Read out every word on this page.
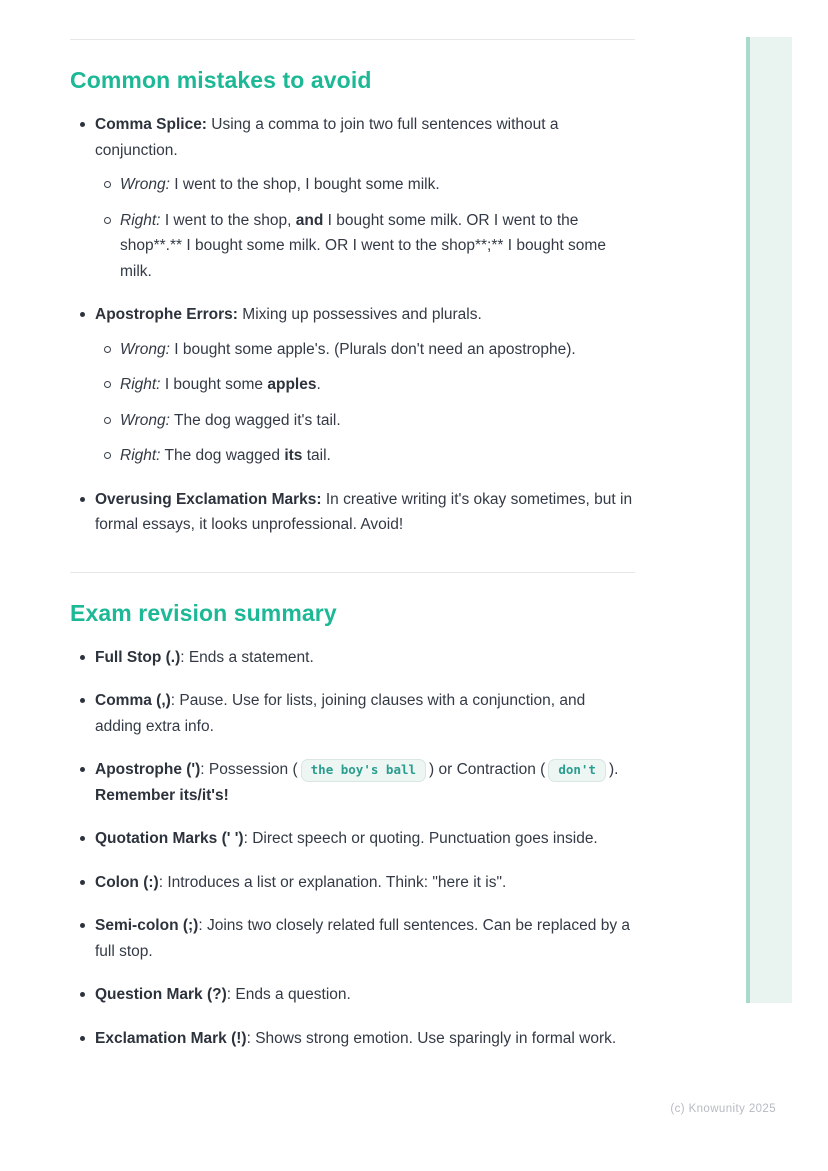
Common mistakes to avoid
Comma Splice: Using a comma to join two full sentences without a conjunction.
Wrong: I went to the shop, I bought some milk.
Right: I went to the shop, and I bought some milk. OR I went to the shop**.** I bought some milk. OR I went to the shop**;** I bought some milk.
Apostrophe Errors: Mixing up possessives and plurals.
Wrong: I bought some apple's. (Plurals don't need an apostrophe).
Right: I bought some apples.
Wrong: The dog wagged it's tail.
Right: The dog wagged its tail.
Overusing Exclamation Marks: In creative writing it's okay sometimes, but in formal essays, it looks unprofessional. Avoid!
Exam revision summary
Full Stop (.): Ends a statement.
Comma (,): Pause. Use for lists, joining clauses with a conjunction, and adding extra info.
Apostrophe ('): Possession ( the boy's ball ) or Contraction ( don't ). Remember its/it's!
Quotation Marks (' '): Direct speech or quoting. Punctuation goes inside.
Colon (:): Introduces a list or explanation. Think: "here it is".
Semi-colon (;): Joins two closely related full sentences. Can be replaced by a full stop.
Question Mark (?): Ends a question.
Exclamation Mark (!): Shows strong emotion. Use sparingly in formal work.
(c) Knowunity 2025
